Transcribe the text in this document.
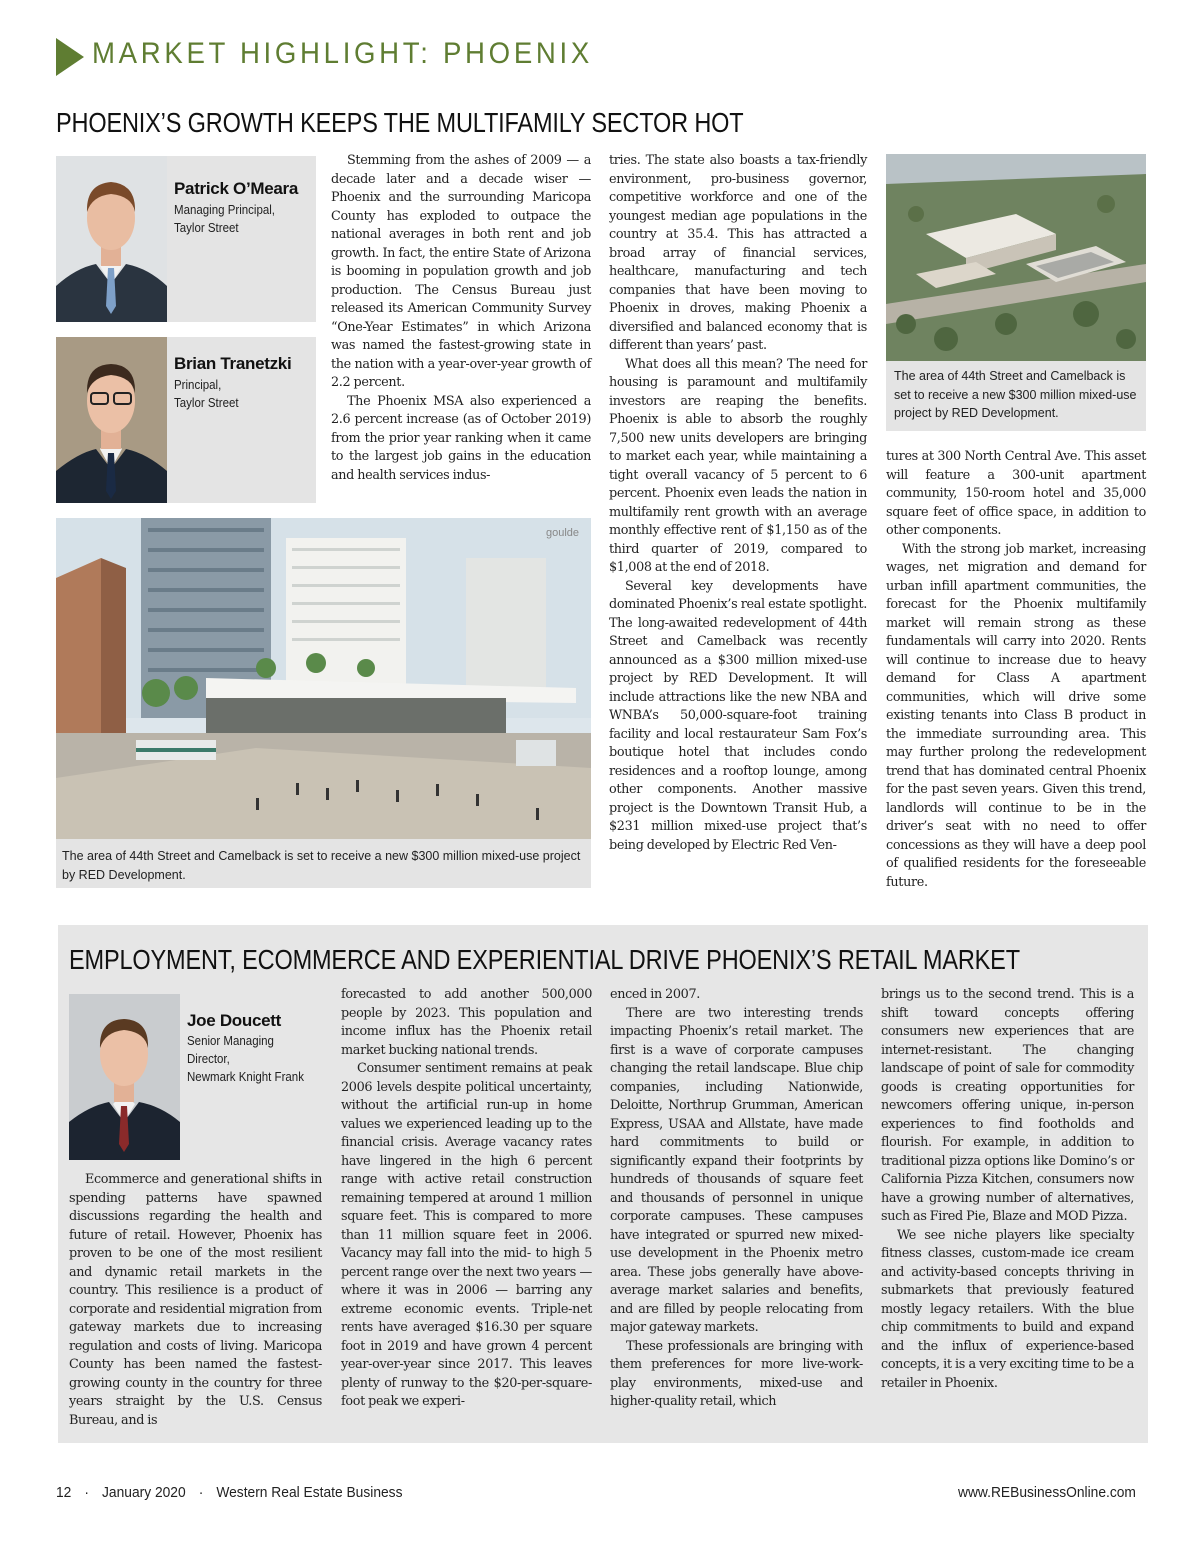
MARKET HIGHLIGHT: PHOENIX
PHOENIX’S GROWTH KEEPS THE MULTIFAMILY SECTOR HOT
Patrick O’Meara
Managing Principal,
Taylor Street
Brian Tranetzki
Principal,
Taylor Street

Stemming from the ashes of 2009 — a decade later and a decade wiser — Phoenix and the surrounding Maricopa County has exploded to outpace the national averages in both rent and job growth. In fact, the entire State of Arizona is booming in population growth and job production. The Census Bureau just released its American Community Survey “One-Year Estimates” in which Arizona was named the fastest-growing state in the nation with a year-over-year growth of 2.2 percent.

The Phoenix MSA also experienced a 2.6 percent increase (as of October 2019) from the prior year ranking when it came to the largest job gains in the education and health services indus-

tries. The state also boasts a tax-friendly environment, pro-business governor, competitive workforce and one of the youngest median age populations in the country at 35.4. This has attracted a broad array of financial services, healthcare, manufacturing and tech companies that have been moving to Phoenix in droves, making Phoenix a diversified and balanced economy that is different than years’ past.

What does all this mean? The need for housing is paramount and multifamily investors are reaping the benefits. Phoenix is able to absorb the roughly 7,500 new units developers are bringing to market each year, while maintaining a tight overall vacancy of 5 percent to 6 percent. Phoenix even leads the nation in multifamily rent growth with an average monthly effective rent of $1,150 as of the third quarter of 2019, compared to $1,008 at the end of 2018.

Several key developments have dominated Phoenix’s real estate spotlight. The long-awaited redevelopment of 44th Street and Camelback was recently announced as a $300 million mixed-use project by RED Development. It will include attractions like the new NBA and WNBA’s 50,000-square-foot training facility and local restaurateur Sam Fox’s boutique hotel that includes condo residences and a rooftop lounge, among other components. Another massive project is the Downtown Transit Hub, a $231 million mixed-use project that’s being developed by Electric Red Ven-

The area of 44th Street and Camelback is set to receive a new $300 million mixed-use project by RED Development.

tures at 300 North Central Ave. This asset will feature a 300-unit apartment community, 150-room hotel and 35,000 square feet of office space, in addition to other components.

With the strong job market, increasing wages, net migration and demand for urban infill apartment communities, the forecast for the Phoenix multifamily market will remain strong as these fundamentals will carry into 2020. Rents will continue to increase due to heavy demand for Class A apartment communities, which will drive some existing tenants into Class B product in the immediate surrounding area. This may further prolong the redevelopment trend that has dominated central Phoenix for the past seven years. Given this trend, landlords will continue to be in the driver’s seat with no need to offer concessions as they will have a deep pool of qualified residents for the foreseeable future.

goulde
The area of 44th Street and Camelback is set to receive a new $300 million mixed-use project by RED Development.
EMPLOYMENT, ECOMMERCE AND EXPERIENTIAL DRIVE PHOENIX’S RETAIL MARKET
Joe Doucett
Senior Managing
Director,
Newmark Knight Frank

Ecommerce and generational shifts in spending patterns have spawned discussions regarding the health and future of retail. However, Phoenix has proven to be one of the most resilient and dynamic retail markets in the country. This resilience is a product of corporate and residential migration from gateway markets due to increasing regulation and costs of living. Maricopa County has been named the fastest-growing county in the country for three years straight by the U.S. Census Bureau, and is

forecasted to add another 500,000 people by 2023. This population and income influx has the Phoenix retail market bucking national trends.

Consumer sentiment remains at peak 2006 levels despite political uncertainty, without the artificial run-up in home values we experienced leading up to the financial crisis. Average vacancy rates have lingered in the high 6 percent range with active retail construction remaining tempered at around 1 million square feet. This is compared to more than 11 million square feet in 2006. Vacancy may fall into the mid- to high 5 percent range over the next two years — where it was in 2006 — barring any extreme economic events. Triple-net rents have averaged $16.30 per square foot in 2019 and have grown 4 percent year-over-year since 2017. This leaves plenty of runway to the $20-per-square-foot peak we experi-

enced in 2007.

There are two interesting trends impacting Phoenix’s retail market. The first is a wave of corporate campuses changing the retail landscape. Blue chip companies, including Nationwide, Deloitte, Northrup Grumman, American Express, USAA and Allstate, have made hard commitments to build or significantly expand their footprints by hundreds of thousands of square feet and thousands of personnel in unique corporate campuses. These campuses have integrated or spurred new mixed-use development in the Phoenix metro area. These jobs generally have above-average market salaries and benefits, and are filled by people relocating from major gateway markets.

These professionals are bringing with them preferences for more live-work-play environments, mixed-use and higher-quality retail, which

brings us to the second trend. This is a shift toward concepts offering consumers new experiences that are internet-resistant. The changing landscape of point of sale for commodity goods is creating opportunities for newcomers offering unique, in-person experiences to find footholds and flourish. For example, in addition to traditional pizza options like Domino’s or California Pizza Kitchen, consumers now have a growing number of alternatives, such as Fired Pie, Blaze and MOD Pizza.

We see niche players like specialty fitness classes, custom-made ice cream and activity-based concepts thriving in submarkets that previously featured mostly legacy retailers. With the blue chip commitments to build and expand and the influx of experience-based concepts, it is a very exciting time to be a retailer in Phoenix.

12 · January 2020 · Western Real Estate Business	www.REBusinessOnline.com
